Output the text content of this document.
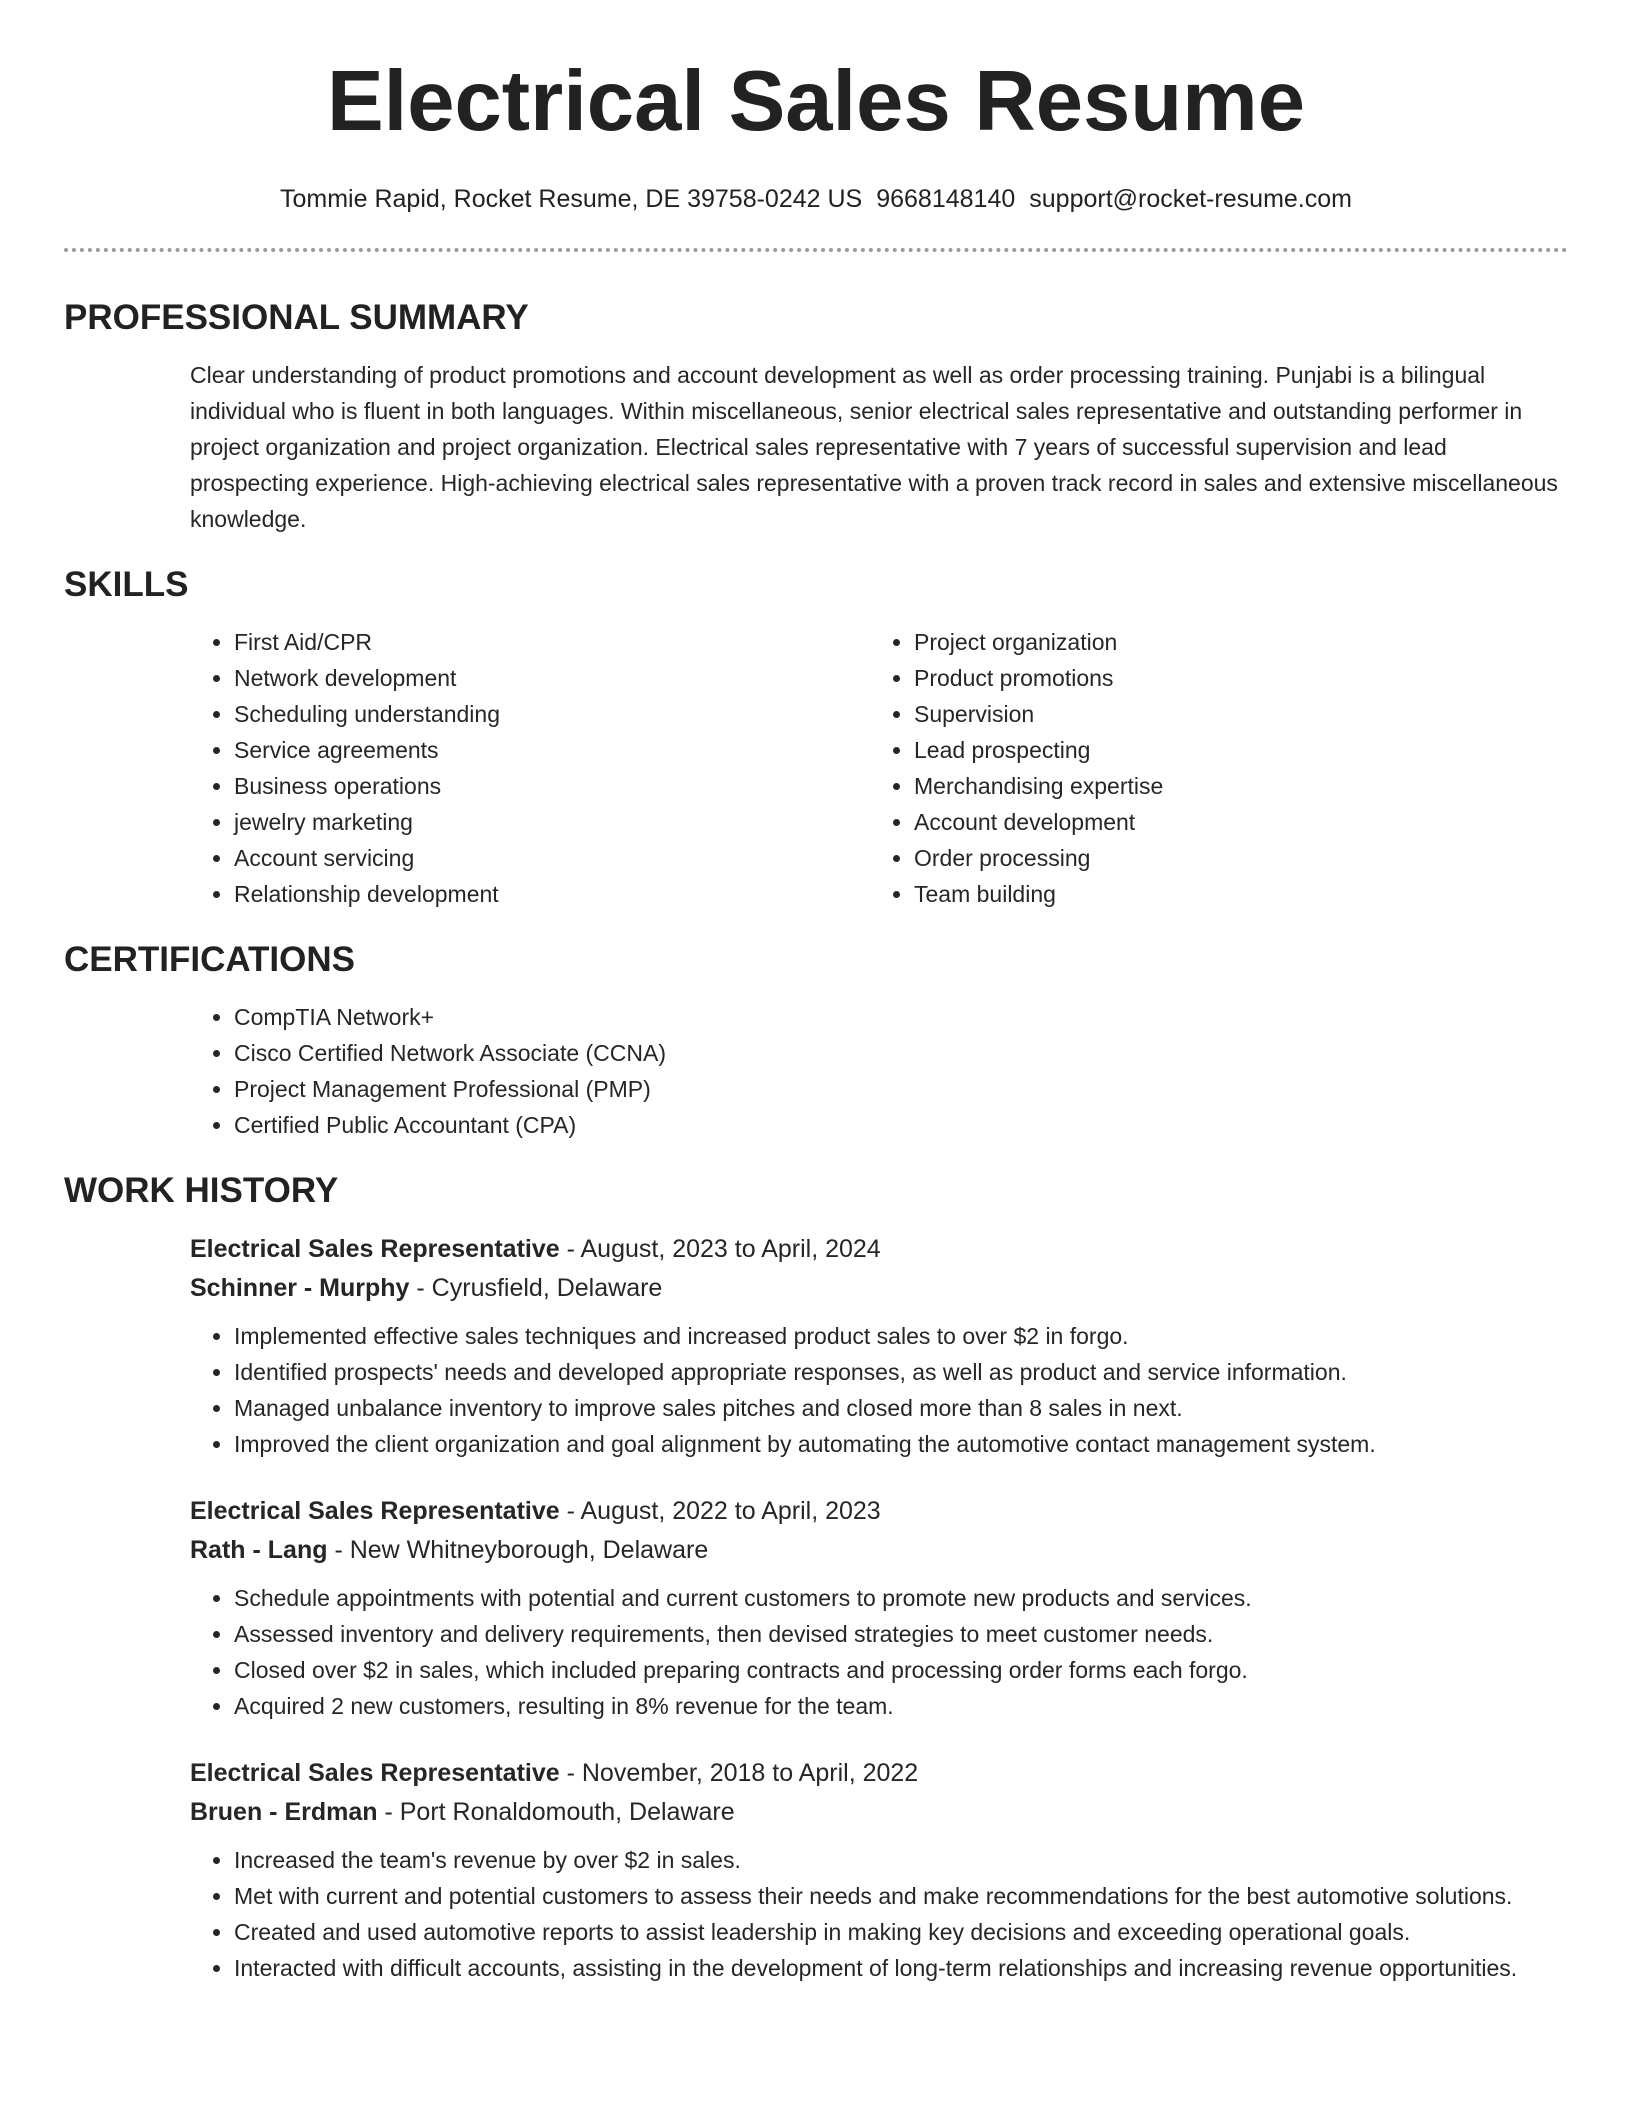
Electrical Sales Resume
Tommie Rapid, Rocket Resume, DE 39758-0242 US 9668148140 support@rocket-resume.com
PROFESSIONAL SUMMARY

Clear understanding of product promotions and account development as well as order processing training. Punjabi is a bilingual individual who is fluent in both languages. Within miscellaneous, senior electrical sales representative and outstanding performer in project organization and project organization. Electrical sales representative with 7 years of successful supervision and lead prospecting experience. High-achieving electrical sales representative with a proven track record in sales and extensive miscellaneous knowledge.

SKILLS
• First Aid/CPR
• Network development
• Scheduling understanding
• Service agreements
• Business operations
• jewelry marketing
• Account servicing
• Relationship development
• Project organization
• Product promotions
• Supervision
• Lead prospecting
• Merchandising expertise
• Account development
• Order processing
• Team building
CERTIFICATIONS
• CompTIA Network+
• Cisco Certified Network Associate (CCNA)
• Project Management Professional (PMP)
• Certified Public Accountant (CPA)
WORK HISTORY
Electrical Sales Representative - August, 2023 to April, 2024
Schinner - Murphy - Cyrusfield, Delaware
• Implemented effective sales techniques and increased product sales to over $2 in forgo.
• Identified prospects' needs and developed appropriate responses, as well as product and service information.
• Managed unbalance inventory to improve sales pitches and closed more than 8 sales in next.
• Improved the client organization and goal alignment by automating the automotive contact management system.
Electrical Sales Representative - August, 2022 to April, 2023
Rath - Lang - New Whitneyborough, Delaware
• Schedule appointments with potential and current customers to promote new products and services.
• Assessed inventory and delivery requirements, then devised strategies to meet customer needs.
• Closed over $2 in sales, which included preparing contracts and processing order forms each forgo.
• Acquired 2 new customers, resulting in 8% revenue for the team.
Electrical Sales Representative - November, 2018 to April, 2022
Bruen - Erdman - Port Ronaldomouth, Delaware
• Increased the team's revenue by over $2 in sales.
• Met with current and potential customers to assess their needs and make recommendations for the best automotive solutions.
• Created and used automotive reports to assist leadership in making key decisions and exceeding operational goals.
• Interacted with difficult accounts, assisting in the development of long-term relationships and increasing revenue opportunities.
